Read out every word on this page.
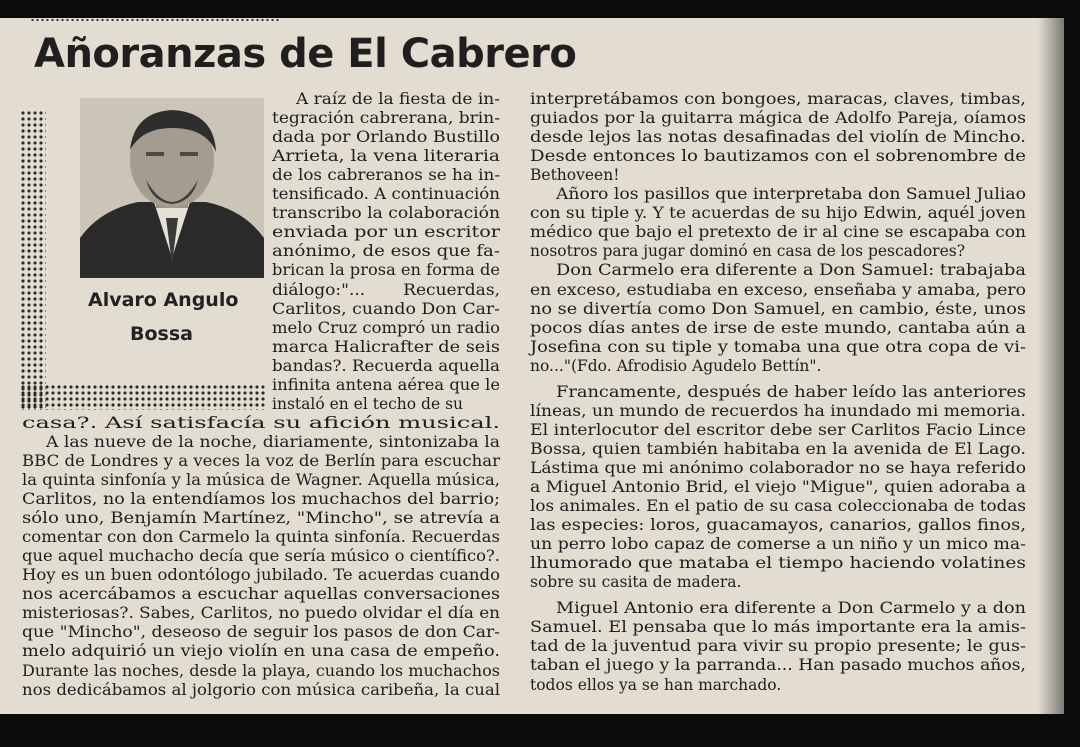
Añoranzas de El Cabrero
Alvaro Angulo
Bossa
A raíz de la fiesta de in-
tegración cabrerana, brin-
dada por Orlando Bustillo
Arrieta, la vena literaria
de los cabreranos se ha in-
tensificado. A continuación
transcribo la colaboración
enviada por un escritor
anónimo, de esos que fa-
brican la prosa en forma de
diálogo:"...       Recuerdas,
Carlitos, cuando Don Car-
melo Cruz compró un radio
marca Halicrafter de seis
bandas?. Recuerda aquella
infinita antena aérea que le
instaló en el techo de su
casa?. Así satisfacía su afición musical.
A las nueve de la noche, diariamente, sintonizaba la
BBC de Londres y a veces la voz de Berlín para escuchar
la quinta sinfonía y la música de Wagner. Aquella música,
Carlitos, no la entendíamos los muchachos del barrio;
sólo uno, Benjamín Martínez, "Mincho", se atrevía a
comentar con don Carmelo la quinta sinfonía. Recuerdas
que aquel muchacho decía que sería músico o científico?.
Hoy es un buen odontólogo jubilado. Te acuerdas cuando
nos acercábamos a escuchar aquellas conversaciones
misteriosas?. Sabes, Carlitos, no puedo olvidar el día en
que "Mincho", deseoso de seguir los pasos de don Car-
melo adquirió un viejo violín en una casa de empeño.
Durante las noches, desde la playa, cuando los muchachos
nos dedicábamos al jolgorio con música caribeña, la cual
interpretábamos con bongoes, maracas, claves, timbas,
guiados por la guitarra mágica de Adolfo Pareja, oíamos
desde lejos las notas desafinadas del violín de Mincho.
Desde entonces lo bautizamos con el sobrenombre de
Bethoveen!
Añoro los pasillos que interpretaba don Samuel Juliao
con su tiple y. Y te acuerdas de su hijo Edwin, aquél joven
médico que bajo el pretexto de ir al cine se escapaba con
nosotros para jugar dominó en casa de los pescadores?
Don Carmelo era diferente a Don Samuel: trabajaba
en exceso, estudiaba en exceso, enseñaba y amaba, pero
no se divertía como Don Samuel, en cambio, éste, unos
pocos días antes de irse de este mundo, cantaba aún a
Josefina con su tiple y tomaba una que otra copa de vi-
no..."(Fdo. Afrodisio Agudelo Bettín".
Francamente, después de haber leído las anteriores
líneas, un mundo de recuerdos ha inundado mi memoria.
El interlocutor del escritor debe ser Carlitos Facio Lince
Bossa, quien también habitaba en la avenida de El Lago.
Lástima que mi anónimo colaborador no se haya referido
a Miguel Antonio Brid, el viejo "Migue", quien adoraba a
los animales. En el patio de su casa coleccionaba de todas
las especies: loros, guacamayos, canarios, gallos finos,
un perro lobo capaz de comerse a un niño y un mico ma-
lhumorado que mataba el tiempo haciendo volatines
sobre su casita de madera.
Miguel Antonio era diferente a Don Carmelo y a don
Samuel. El pensaba que lo más importante era la amis-
tad de la juventud para vivir su propio presente; le gus-
taban el juego y la parranda... Han pasado muchos años,
todos ellos ya se han marchado.
